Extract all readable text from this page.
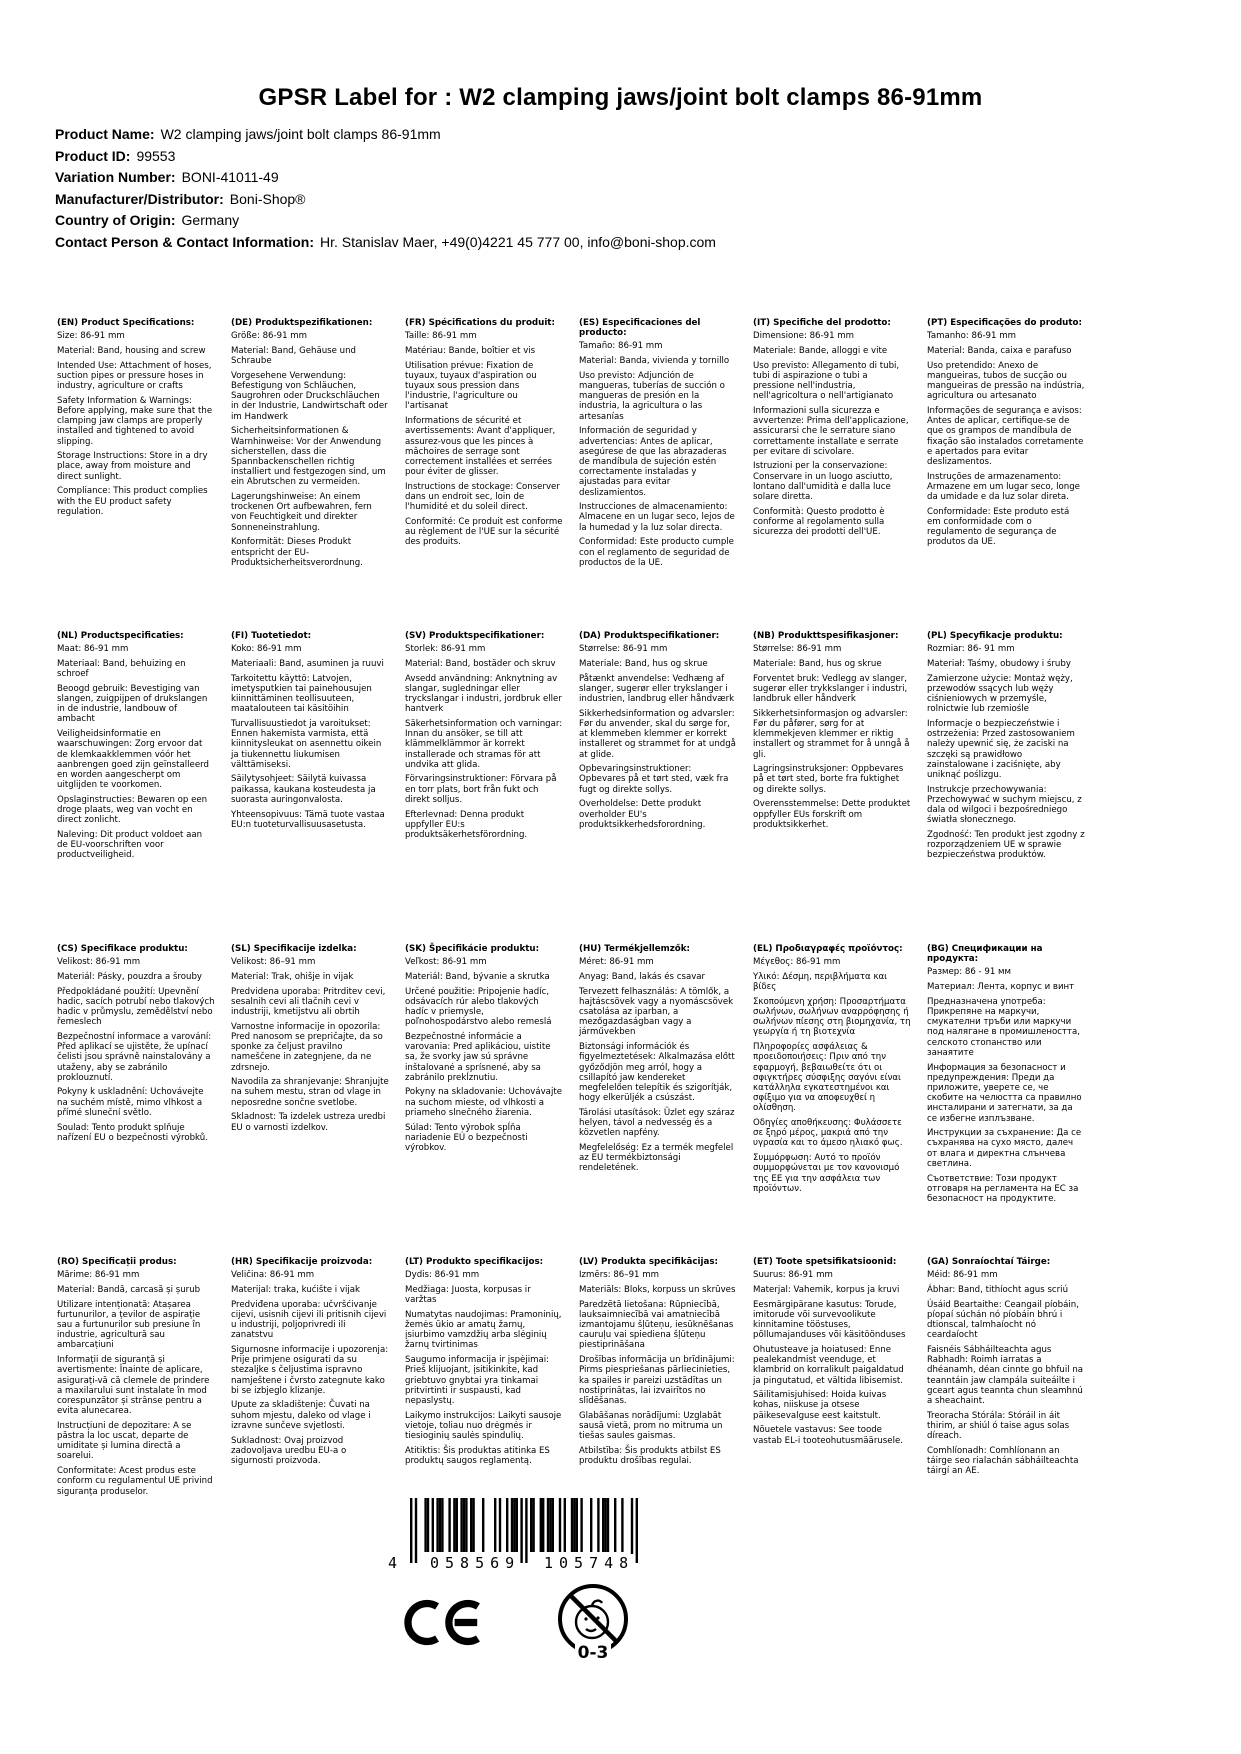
GPSR Label for : W2 clamping jaws/joint bolt clamps 86-91mm
Product Name: W2 clamping jaws/joint bolt clamps 86-91mm
Product ID: 99553
Variation Number: BONI-41011-49
Manufacturer/Distributor: Boni-Shop®
Country of Origin: Germany
Contact Person & Contact Information: Hr. Stanislav Maer, +49(0)4221 45 777 00, info@boni-shop.com
(EN) Product Specifications:

Size: 86-91 mm

Material: Band, housing and screw

Intended Use: Attachment of hoses, suction pipes or pressure hoses in industry, agriculture or crafts

Safety Information & Warnings: Before applying, make sure that the clamping jaw clamps are properly installed and tightened to avoid slipping.

Storage Instructions: Store in a dry place, away from moisture and direct sunlight.

Compliance: This product complies with the EU product safety regulation.

(DE) Produktspezifikationen:

Größe: 86-91 mm

Material: Band, Gehäuse und Schraube

Vorgesehene Verwendung: Befestigung von Schläuchen, Saugrohren oder Druckschläuchen in der Industrie, Landwirtschaft oder im Handwerk

Sicherheitsinformationen & Warnhinweise: Vor der Anwendung sicherstellen, dass die Spannbackenschellen richtig installiert und festgezogen sind, um ein Abrutschen zu vermeiden.

Lagerungshinweise: An einem trockenen Ort aufbewahren, fern von Feuchtigkeit und direkter Sonneneinstrahlung.

Konformität: Dieses Produkt entspricht der EU-Produktsicherheitsverordnung.

(FR) Spécifications du produit:

Taille: 86-91 mm

Matériau: Bande, boîtier et vis

Utilisation prévue: Fixation de tuyaux, tuyaux d'aspiration ou tuyaux sous pression dans l'industrie, l'agriculture ou l'artisanat

Informations de sécurité et avertissements: Avant d'appliquer, assurez-vous que les pinces à mâchoires de serrage sont correctement installées et serrées pour éviter de glisser.

Instructions de stockage: Conserver dans un endroit sec, loin de l'humidité et du soleil direct.

Conformité: Ce produit est conforme au règlement de l'UE sur la sécurité des produits.

(ES) Especificaciones del producto:

Tamaño: 86-91 mm

Material: Banda, vivienda y tornillo

Uso previsto: Adjunción de mangueras, tuberías de succión o mangueras de presión en la industria, la agricultura o las artesanías

Información de seguridad y advertencias: Antes de aplicar, asegúrese de que las abrazaderas de mandíbula de sujeción estén correctamente instaladas y ajustadas para evitar deslizamientos.

Instrucciones de almacenamiento: Almacene en un lugar seco, lejos de la humedad y la luz solar directa.

Conformidad: Este producto cumple con el reglamento de seguridad de productos de la UE.

(IT) Specifiche del prodotto:

Dimensione: 86-91 mm

Materiale: Bande, alloggi e vite

Uso previsto: Allegamento di tubi, tubi di aspirazione o tubi a pressione nell'industria, nell'agricoltura o nell'artigianato

Informazioni sulla sicurezza e avvertenze: Prima dell'applicazione, assicurarsi che le serrature siano correttamente installate e serrate per evitare di scivolare.

Istruzioni per la conservazione: Conservare in un luogo asciutto, lontano dall'umidità e dalla luce solare diretta.

Conformità: Questo prodotto è conforme al regolamento sulla sicurezza dei prodotti dell'UE.

(PT) Especificações do produto:

Tamanho: 86-91 mm

Material: Banda, caixa e parafuso

Uso pretendido: Anexo de mangueiras, tubos de sucção ou mangueiras de pressão na indústria, agricultura ou artesanato

Informações de segurança e avisos: Antes de aplicar, certifique-se de que os grampos de mandíbula de fixação são instalados corretamente e apertados para evitar deslizamentos.

Instruções de armazenamento: Armazene em um lugar seco, longe da umidade e da luz solar direta.

Conformidade: Este produto está em conformidade com o regulamento de segurança de produtos da UE.

(NL) Productspecificaties:

Maat: 86-91 mm

Materiaal: Band, behuizing en schroef

Beoogd gebruik: Bevestiging van slangen, zuigpijpen of drukslangen in de industrie, landbouw of ambacht

Veiligheidsinformatie en waarschuwingen: Zorg ervoor dat de klemkaakklemmen vóór het aanbrengen goed zijn geïnstalleerd en worden aangescherpt om uitglijden te voorkomen.

Opslaginstructies: Bewaren op een droge plaats, weg van vocht en direct zonlicht.

Naleving: Dit product voldoet aan de EU-voorschriften voor productveiligheid.

(FI) Tuotetiedot:

Koko: 86-91 mm

Materiaali: Band, asuminen ja ruuvi

Tarkoitettu käyttö: Latvojen, imetysputkien tai painehousujen kiinnittäminen teollisuuteen, maatalouteen tai käsitöihin

Turvallisuustiedot ja varoitukset: Ennen hakemista varmista, että kiinnitysleukat on asennettu oikein ja tiukennettu liukumisen välttämiseksi.

Säilytysohjeet: Säilytä kuivassa paikassa, kaukana kosteudesta ja suorasta auringonvalosta.

Yhteensopivuus: Tämä tuote vastaa EU:n tuoteturvallisuusasetusta.

(SV) Produktspecifikationer:

Storlek: 86-91 mm

Material: Band, bostäder och skruv

Avsedd användning: Anknytning av slangar, sugledningar eller tryckslangar i industri, jordbruk eller hantverk

Säkerhetsinformation och varningar: Innan du ansöker, se till att klämmelklämmor är korrekt installerade och stramas för att undvika att glida.

Förvaringsinstruktioner: Förvara på en torr plats, bort från fukt och direkt solljus.

Efterlevnad: Denna produkt uppfyller EU:s produktsäkerhetsförordning.

(DA) Produktspecifikationer:

Størrelse: 86-91 mm

Materiale: Band, hus og skrue

Påtænkt anvendelse: Vedhæng af slanger, sugerør eller trykslanger i industrien, landbrug eller håndværk

Sikkerhedsinformation og advarsler: Før du anvender, skal du sørge for, at klemmeben klemmer er korrekt installeret og strammet for at undgå at glide.

Opbevaringsinstruktioner: Opbevares på et tørt sted, væk fra fugt og direkte sollys.

Overholdelse: Dette produkt overholder EU's produktsikkerhedsforordning.

(NB) Produkttspesifikasjoner:

Størrelse: 86-91 mm

Materiale: Band, hus og skrue

Forventet bruk: Vedlegg av slanger, sugerør eller trykkslanger i industri, landbruk eller håndverk

Sikkerhetsinformasjon og advarsler: Før du påfører, sørg for at klemmekjeven klemmer er riktig installert og strammet for å unngå å gli.

Lagringsinstruksjoner: Oppbevares på et tørt sted, borte fra fuktighet og direkte sollys.

Overensstemmelse: Dette produktet oppfyller EUs forskrift om produktsikkerhet.

(PL) Specyfikacje produktu:

Rozmiar: 86- 91 mm

Materiał: Taśmy, obudowy i śruby

Zamierzone użycie: Montaż węży, przewodów ssących lub węży ciśnieniowych w przemyśle, rolnictwie lub rzemiośle

Informacje o bezpieczeństwie i ostrzeżenia: Przed zastosowaniem należy upewnić się, że zaciski na szczęki są prawidłowo zainstalowane i zaciśnięte, aby uniknąć poślizgu.

Instrukcje przechowywania: Przechowywać w suchym miejscu, z dala od wilgoci i bezpośredniego światła słonecznego.

Zgodność: Ten produkt jest zgodny z rozporządzeniem UE w sprawie bezpieczeństwa produktów.

(CS) Specifikace produktu:

Velikost: 86-91 mm

Materiál: Pásky, pouzdra a šrouby

Předpokládané použití: Upevnění hadic, sacích potrubí nebo tlakových hadic v průmyslu, zemědělství nebo řemeslech

Bezpečnostní informace a varování: Před aplikací se ujistěte, že upínací čelisti jsou správně nainstalovány a utaženy, aby se zabránilo proklouznutí.

Pokyny k uskladnění: Uchovávejte na suchém místě, mimo vlhkost a přímé sluneční světlo.

Soulad: Tento produkt splňuje nařízení EU o bezpečnosti výrobků.

(SL) Specifikacije izdelka:

Velikost: 86–91 mm

Material: Trak, ohišje in vijak

Predvidena uporaba: Pritrditev cevi, sesalnih cevi ali tlačnih cevi v industriji, kmetijstvu ali obrtih

Varnostne informacije in opozorila: Pred nanosom se prepričajte, da so sponke za čeljust pravilno nameščene in zategnjene, da ne zdrsnejo.

Navodila za shranjevanje: Shranjujte na suhem mestu, stran od vlage in neposredne sončne svetlobe.

Skladnost: Ta izdelek ustreza uredbi EU o varnosti izdelkov.

(SK) Špecifikácie produktu:

Veľkost: 86-91 mm

Materiál: Band, bývanie a skrutka

Určené použitie: Pripojenie hadíc, odsávacích rúr alebo tlakových hadíc v priemysle, poľnohospodárstvo alebo remeslá

Bezpečnostné informácie a varovania: Pred aplikáciou, uistite sa, že svorky jaw sú správne inštalované a sprísnené, aby sa zabránilo prekĺznutiu.

Pokyny na skladovanie: Uchovávajte na suchom mieste, od vlhkosti a priameho slnečného žiarenia.

Súlad: Tento výrobok spĺňa nariadenie EÚ o bezpečnosti výrobkov.

(HU) Termékjellemzők:

Méret: 86-91 mm

Anyag: Band, lakás és csavar

Tervezett felhasználás: A tömlők, a hajtáscsövek vagy a nyomáscsövek csatolása az iparban, a mezőgazdaságban vagy a járművekben

Biztonsági információk és figyelmeztetések: Alkalmazása előtt győződjön meg arról, hogy a csillapító jaw kendereket megfelelően telepítik és szigorítják, hogy elkerüljék a csúszást.

Tárolási utasítások: Üzlet egy száraz helyen, távol a nedvesség és a közvetlen napfény.

Megfelelőség: Ez a termék megfelel az EU termékbiztonsági rendeletének.

(EL) Προδιαγραφές προϊόντος:

Μέγεθος: 86-91 mm

Υλικό: Δέσμη, περιβλήματα και βίδες

Σκοπούμενη χρήση: Προσαρτήματα σωλήνων, σωλήνων αναρρόφησης ή σωλήνων πίεσης στη βιομηχανία, τη γεωργία ή τη βιοτεχνία

Πληροφορίες ασφάλειας & προειδοποιήσεις: Πριν από την εφαρμογή, βεβαιωθείτε ότι οι σφιγκτήρες σύσφιξης σαγόνι είναι κατάλληλα εγκατεστημένοι και σφίξιμο για να αποφευχθεί η ολίσθηση.

Οδηγίες αποθήκευσης: Φυλάσσετε σε ξηρό μέρος, μακριά από την υγρασία και το άμεσο ηλιακό φως.

Συμμόρφωση: Αυτό το προϊόν συμμορφώνεται με τον κανονισμό της ΕΕ για την ασφάλεια των προϊόντων.

(BG) Спецификации на продукта:

Размер: 86 - 91 мм

Материал: Лента, корпус и винт

Предназначена употреба: Прикрепяне на маркучи, смукателни тръби или маркучи под налягане в промишлеността, селското стопанство или занаятите

Информация за безопасност и предупреждения: Преди да приложите, уверете се, че скобите на челюстта са правилно инсталирани и затегнати, за да се избегне изплъзване.

Инструкции за съхранение: Да се съхранява на сухо място, далеч от влага и директна слънчева светлина.

Съответствие: Този продукт отговаря на регламента на ЕС за безопасност на продуктите.

(RO) Specificații produs:

Mărime: 86-91 mm

Material: Bandă, carcasă și șurub

Utilizare intenționată: Atașarea furtunurilor, a țevilor de aspirație sau a furtunurilor sub presiune în industrie, agricultură sau ambarcațiuni

Informații de siguranță și avertismente: Înainte de aplicare, asigurați-vă că clemele de prindere a maxilarului sunt instalate în mod corespunzător și strânse pentru a evita alunecarea.

Instrucțiuni de depozitare: A se păstra la loc uscat, departe de umiditate și lumina directă a soarelui.

Conformitate: Acest produs este conform cu regulamentul UE privind siguranța produselor.

(HR) Specifikacije proizvoda:

Veličina: 86-91 mm

Materijal: traka, kućište i vijak

Predviđena uporaba: učvršćivanje cijevi, usisnih cijevi ili pritisnih cijevi u industriji, poljoprivredi ili zanatstvu

Sigurnosne informacije i upozorenja: Prije primjene osigurati da su stezaljke s čeljustima ispravno namještene i čvrsto zategnute kako bi se izbjeglo klizanje.

Upute za skladištenje: Čuvati na suhom mjestu, daleko od vlage i izravne sunčeve svjetlosti.

Sukladnost: Ovaj proizvod zadovoljava uredbu EU-a o sigurnosti proizvoda.

(LT) Produkto specifikacijos:

Dydis: 86-91 mm

Medžiaga: Juosta, korpusas ir varžtas

Numatytas naudojimas: Pramoninių, žemės ūkio ar amatų žarnų, įsiurbimo vamzdžių arba slėginių žarnų tvirtinimas

Saugumo informacija ir įspėjimai: Prieš klijuojant, įsitikinkite, kad griebtuvo gnybtai yra tinkamai pritvirtinti ir suspausti, kad nepaslystų.

Laikymo instrukcijos: Laikyti sausoje vietoje, toliau nuo drėgmės ir tiesioginių saulės spindulių.

Atitiktis: Šis produktas atitinka ES produktų saugos reglamentą.

(LV) Produkta specifikācijas:

Izmērs: 86–91 mm

Materiāls: Bloks, korpuss un skrūves

Paredzētā lietošana: Rūpniecībā, lauksaimniecībā vai amatniecībā izmantojamu šļūteņu, iesūknēšanas cauruļu vai spiediena šļūteņu piestiprināšana

Drošības informācija un brīdinājumi: Pirms piespriešanas pārliecinieties, ka spailes ir pareizi uzstādītas un nostiprinātas, lai izvairītos no slīdēšanas.

Glabāšanas norādījumi: Uzglabāt sausā vietā, prom no mitruma un tiešas saules gaismas.

Atbilstība: Šis produkts atbilst ES produktu drošības regulai.

(ET) Toote spetsifikatsioonid:

Suurus: 86-91 mm

Materjal: Vahemik, korpus ja kruvi

Eesmärgipärane kasutus: Torude, imitorude või survevoolikute kinnitamine tööstuses, põllumajanduses või käsitöönduses

Ohutusteave ja hoiatused: Enne pealekandmist veenduge, et klambrid on korralikult paigaldatud ja pingutatud, et vältida libisemist.

Säilitamisjuhised: Hoida kuivas kohas, niiskuse ja otsese päikesevalguse eest kaitstult.

Nõuetele vastavus: See toode vastab EL-i tooteohutusmäärusele.

(GA) Sonraíochtaí Táirge:

Méid: 86-91 mm

Ábhar: Band, tithíocht agus scriú

Úsáid Beartaithe: Ceangail píobáin, píopaí súchán nó píobáin bhrú i dtionscal, talmhaíocht nó ceardaíocht

Faisnéis Sábháilteachta agus Rabhadh: Roimh iarratas a dhéanamh, déan cinnte go bhfuil na teanntáin jaw clampála suiteáilte i gceart agus teannta chun sleamhnú a sheachaint.

Treoracha Stórála: Stóráil in áit thirim, ar shiúl ó taise agus solas díreach.

Comhlíonadh: Comhlíonann an táirge seo rialachán sábháilteachta táirgí an AE.

4 058569 105748
0-3
